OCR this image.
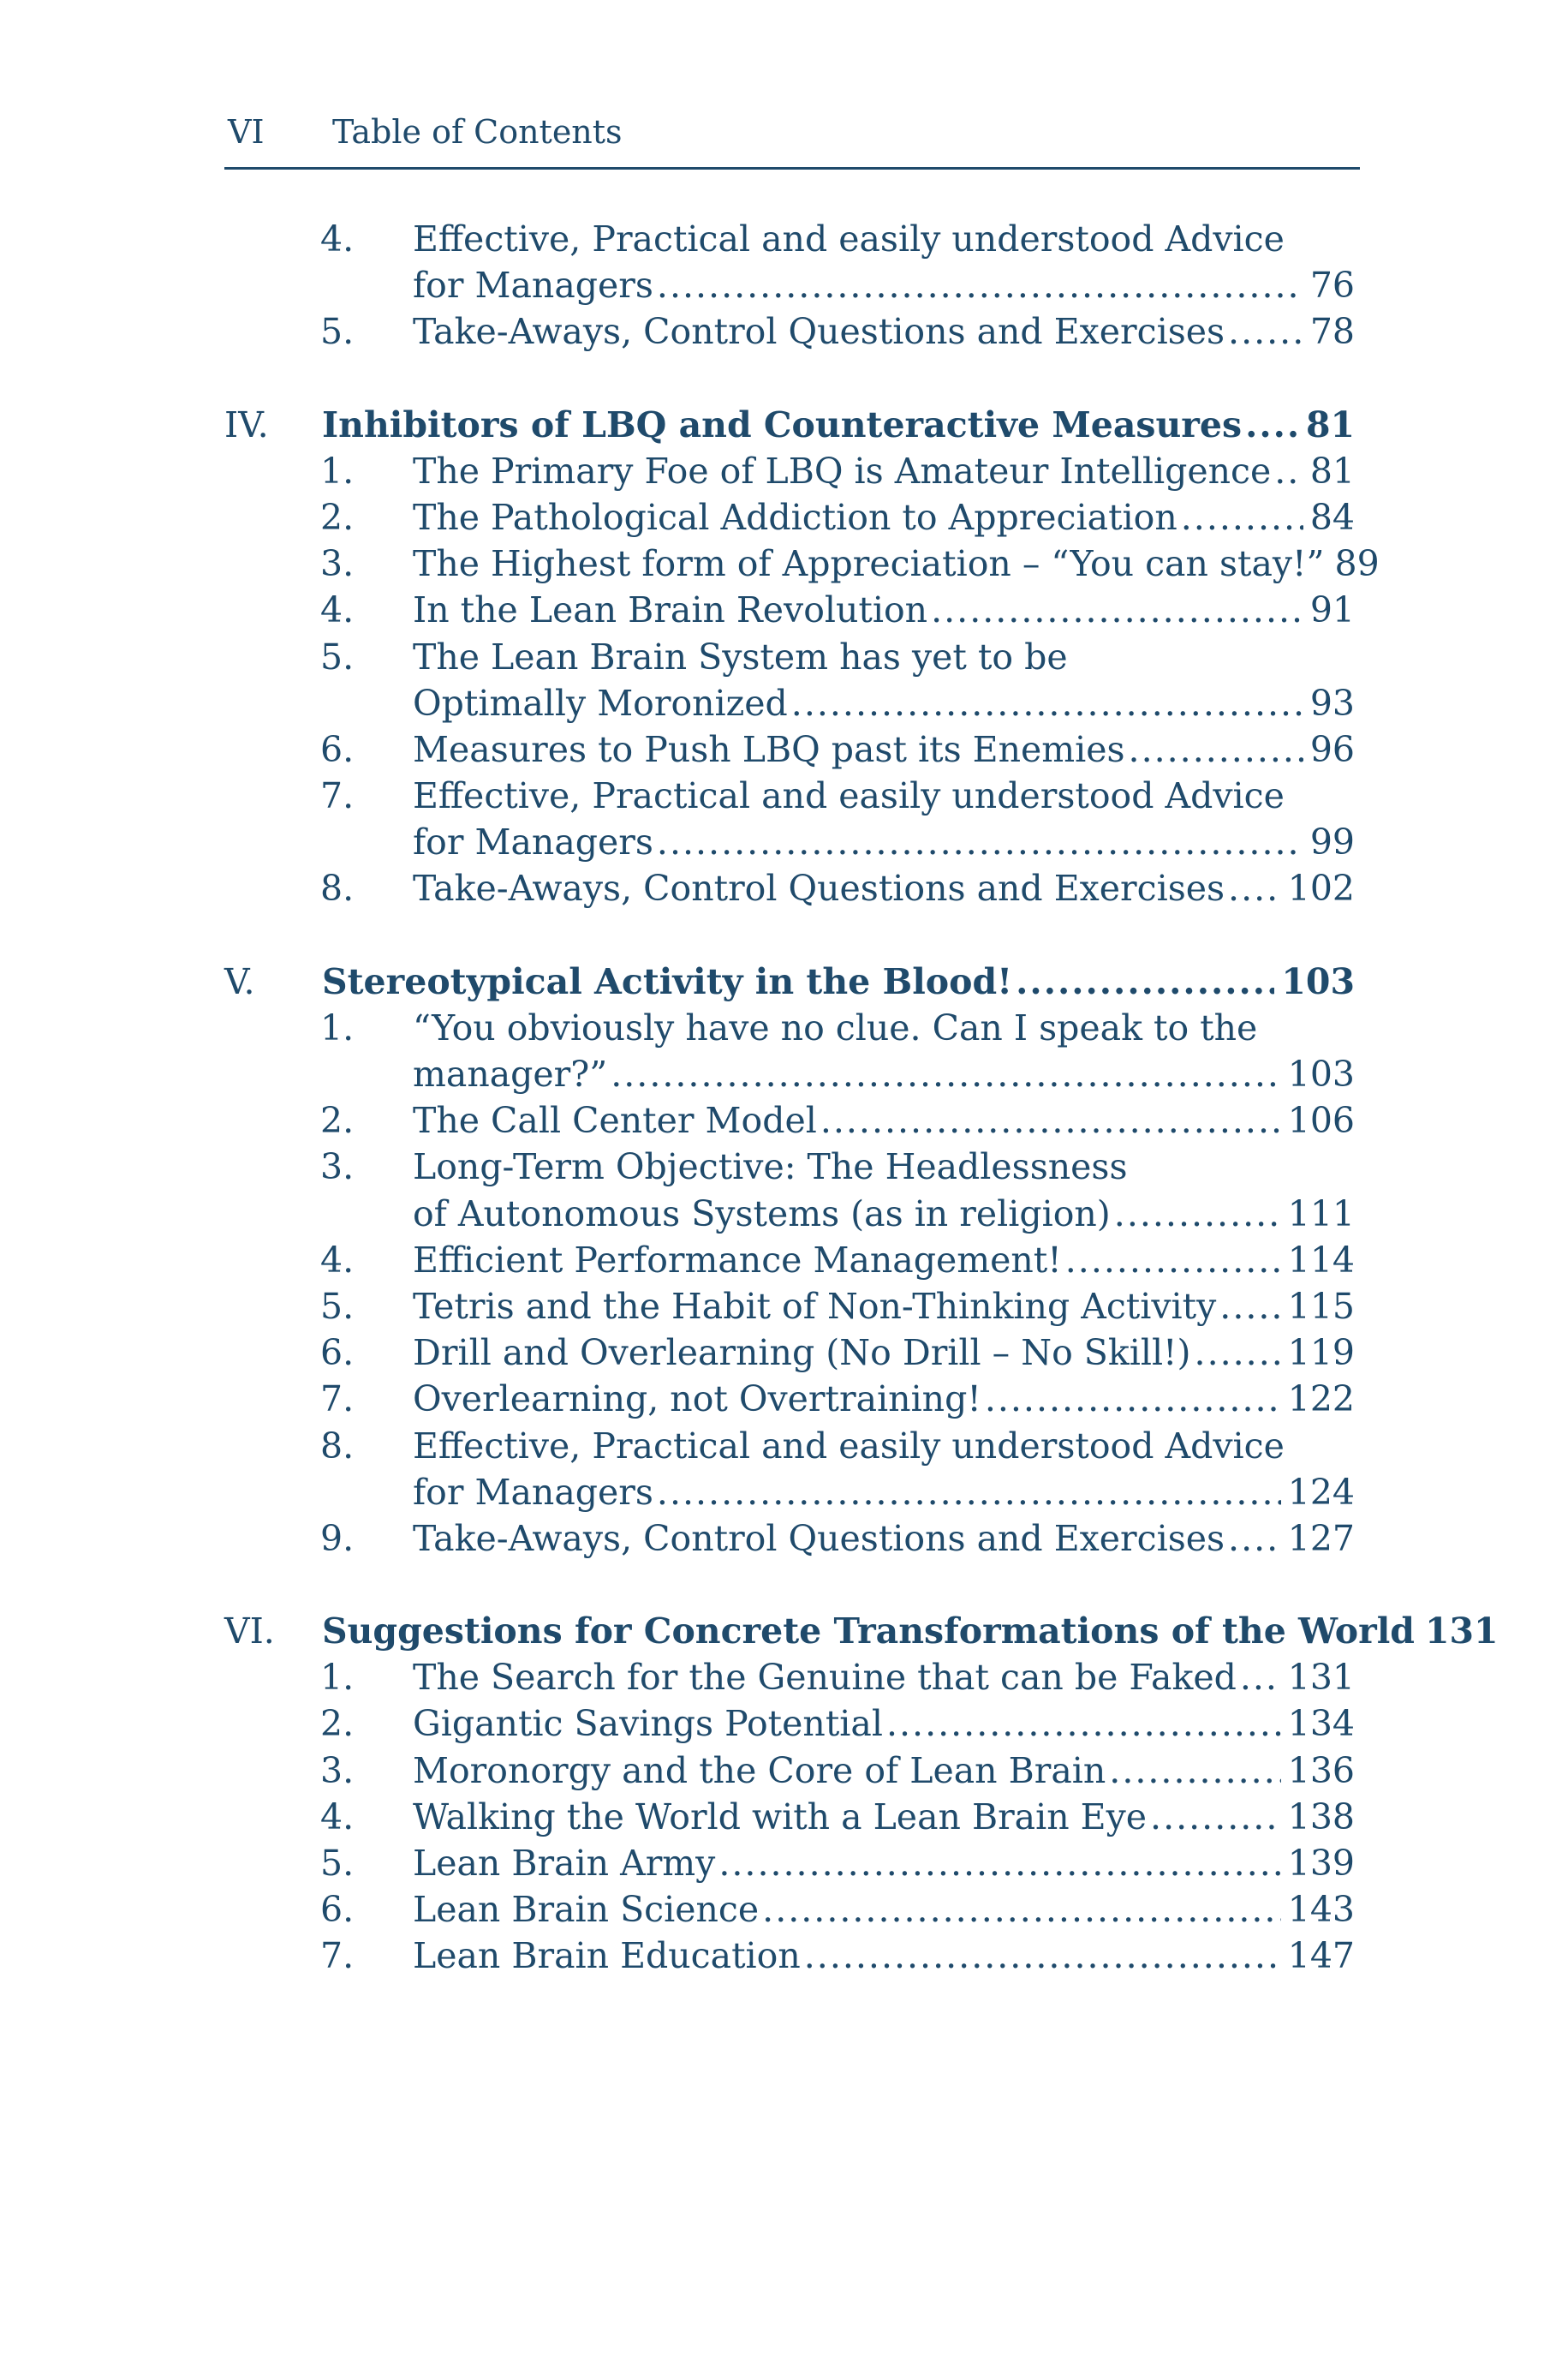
VI Table of Contents
4.	Effective, Practical and easily understood Advice
for Managers .....	76
5.	Take-Aways, Control Questions and Exercises ..... 78
IV.	Inhibitors of LBQ and Counteractive Measures ..... 81
1.	The Primary Foe of LBQ is Amateur Intelligence ..... 81
2.	The Pathological Addiction to Appreciation .....	84
3.	The Highest form of Appreciation – “You can stay!” 89
4.	In the Lean Brain Revolution .....	91
5.	The Lean Brain System has yet to be
Optimally Moronized .....	93
6.	Measures to Push LBQ past its Enemies .....	96
7.	Effective, Practical and easily understood Advice
for Managers .....	99
8.	Take-Aways, Control Questions and Exercises ..... 102
V.	Stereotypical Activity in the Blood! .....	103
1.	“You obviously have no clue. Can I speak to the
manager?” .....	103
2.	The Call Center Model .....	106
3.	Long-Term Objective: The Headlessness
of Autonomous Systems (as in religion) .....	111
4.	Efficient Performance Management! .....	114
5.	Tetris and the Habit of Non-Thinking Activity ..... 115
6.	Drill and Overlearning (No Drill – No Skill!) .....	119
7.	Overlearning, not Overtraining! .....	122
8.	Effective, Practical and easily understood Advice
for Managers .....	124
9.	Take-Aways, Control Questions and Exercises ..... 127
VI.	Suggestions for Concrete Transformations of the World 131
1.	The Search for the Genuine that can be Faked ..... 131
2.	Gigantic Savings Potential .....	134
3.	Moronorgy and the Core of Lean Brain .....	136
4.	Walking the World with a Lean Brain Eye .....	138
5.	Lean Brain Army .....	139
6.	Lean Brain Science .....	143
7.	Lean Brain Education .....	147
